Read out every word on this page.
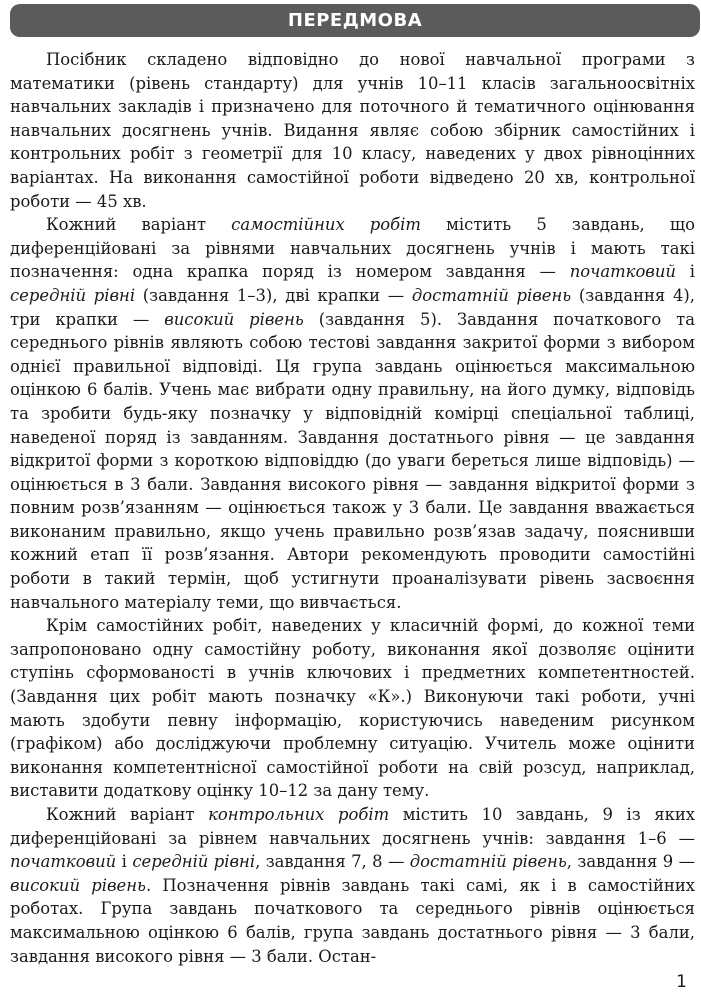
ПЕРЕДМОВА

Посібник складено відповідно до нової навчальної програми з математики (рівень стандарту) для учнів 10–11 класів загальноосвітніх навчальних закладів і призначено для поточного й тематичного оцінювання навчальних досягнень учнів. Видання являє собою збірник самостійних і контрольних робіт з геометрії для 10 класу, наведених у двох рівноцінних варіантах. На виконання самостійної роботи відведено 20 хв, контрольної роботи — 45 хв.

Кожний варіант самостійних робіт містить 5 завдань, що диференційовані за рівнями навчальних досягнень учнів і мають такі позначення: одна крапка поряд із номером завдання — початковий і середній рівні (завдання 1–3), дві крапки — достатній рівень (завдання 4), три крапки — високий рівень (завдання 5). Завдання початкового та середнього рівнів являють собою тестові завдання закритої форми з вибором однієї правильної відповіді. Ця група завдань оцінюється максимальною оцінкою 6 балів. Учень має вибрати одну правильну, на його думку, відповідь та зробити будь-яку позначку у відповідній комірці спеціальної таблиці, наведеної поряд із завданням. Завдання достатнього рівня — це завдання відкритої форми з короткою відповіддю (до уваги береться лише відповідь) — оцінюється в 3 бали. Завдання високого рівня — завдання відкритої форми з повним розв’язанням — оцінюється також у 3 бали. Це завдання вважається виконаним правильно, якщо учень правильно розв’язав задачу, пояснивши кожний етап її розв’язання. Автори рекомендують проводити самостійні роботи в такий термін, щоб устигнути проаналізувати рівень засвоєння навчального матеріалу теми, що вивчається.

Крім самостійних робіт, наведених у класичній формі, до кожної теми запропоновано одну самостійну роботу, виконання якої дозволяє оцінити ступінь сформованості в учнів ключових і предметних компетентностей. (Завдання цих робіт мають позначку «К».) Виконуючи такі роботи, учні мають здобути певну інформацію, користуючись наведеним рисунком (графіком) або досліджуючи проблемну ситуацію. Учитель може оцінити виконання компетентнісної самостійної роботи на свій розсуд, наприклад, виставити додаткову оцінку 10–12 за дану тему.

Кожний варіант контрольних робіт містить 10 завдань, 9 із яких диференційовані за рівнем навчальних досягнень учнів: завдання 1–6 — початковий і середній рівні, завдання 7, 8 — достатній рівень, завдання 9 — високий рівень. Позначення рівнів завдань такі самі, як і в самостійних роботах. Група завдань початкового та середнього рівнів оцінюється максимальною оцінкою 6 балів, група завдань достатнього рівня — 3 бали, завдання високого рівня — 3 бали. Остан-

1
